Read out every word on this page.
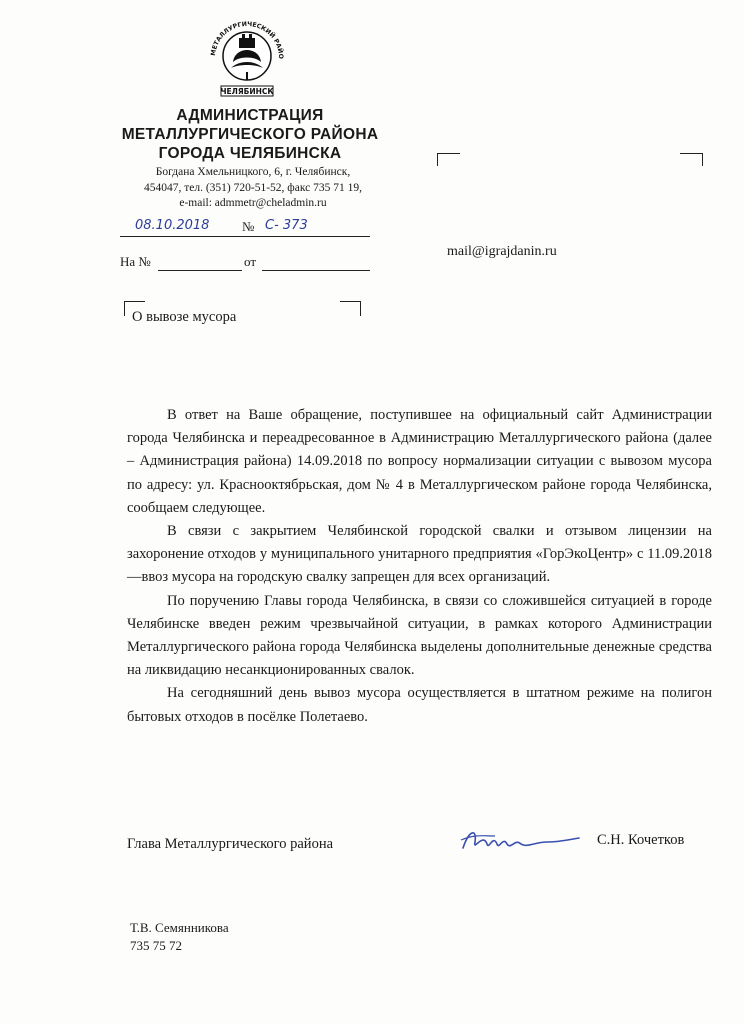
МЕТАЛЛУРГИЧЕСКИЙ РАЙО
ЧЕЛЯБИНСК
АДМИНИСТРАЦИЯ
МЕТАЛЛУРГИЧЕСКОГО РАЙОНА
ГОРОДА ЧЕЛЯБИНСКА
Богдана Хмельницкого, 6, г. Челябинск,
454047, тел. (351) 720-51-52, факс 735 71 19,
e-mail: admmetr@cheladmin.ru
08.10.2018	№ С- 373
На №	от
mail@igrajdanin.ru
О вывозе мусора

В ответ на Ваше обращение, поступившее на официальный сайт Администрации города Челябинска и переадресованное в Администрацию Металлургического района (далее – Администрация района) 14.09.2018 по вопросу нормализации ситуации с вывозом мусора по адресу: ул. Краснооктябрьская, дом № 4 в Металлургическом районе города Челябинска, сообщаем следующее.

В связи с закрытием Челябинской городской свалки и отзывом лицензии на захоронение отходов у муниципального унитарного предприятия «ГорЭкоЦентр» с 11.09.2018 —ввоз мусора на городскую свалку запрещен для всех организаций.

По поручению Главы города Челябинска, в связи со сложившейся ситуацией в городе Челябинске введен режим чрезвычайной ситуации, в рамках которого Администрации Металлургического района города Челябинска выделены дополнительные денежные средства на ликвидацию несанкционированных свалок.

На сегодняшний день вывоз мусора осуществляется в штатном режиме на полигон бытовых отходов в посёлке Полетаево.

Глава Металлургического района	С.Н. Кочетков
Т.В. Семянникова
735 75 72
